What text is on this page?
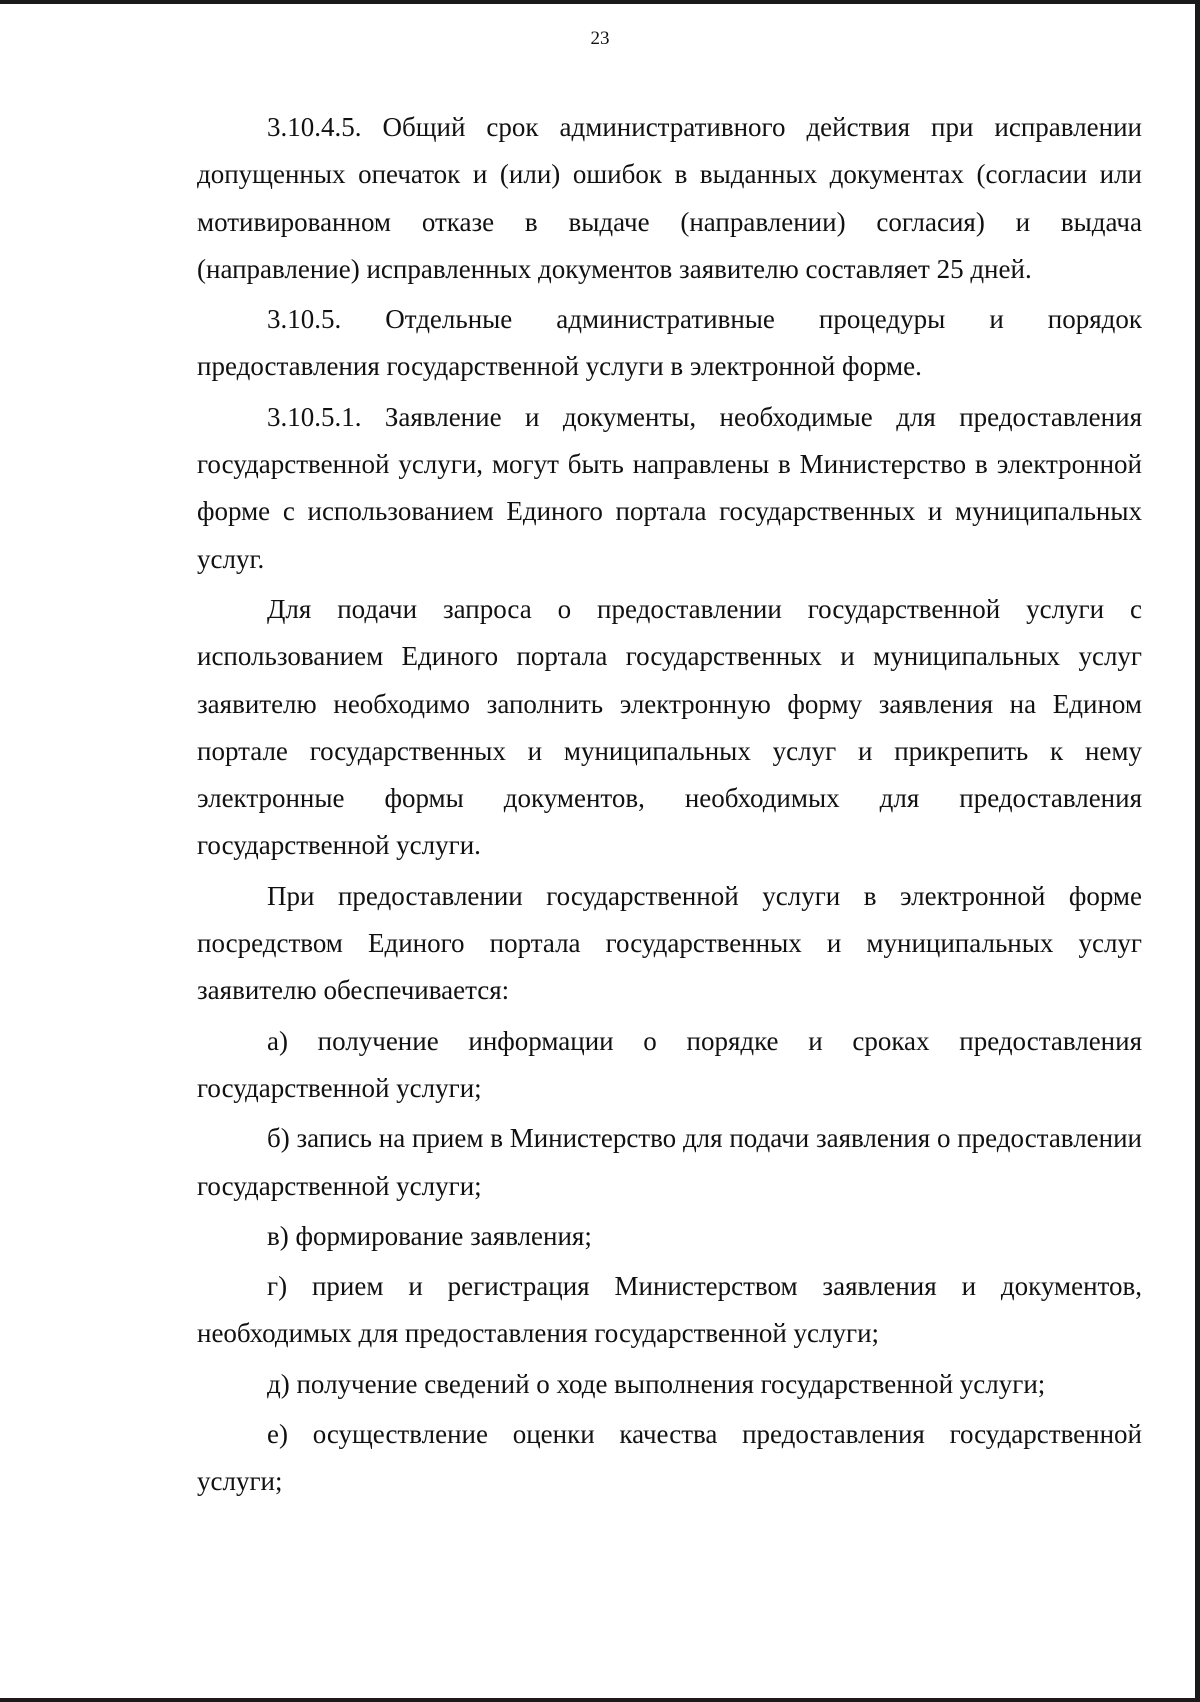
23

3.10.4.5. Общий срок административного действия при исправлении допущенных опечаток и (или) ошибок в выданных документах (согласии или мотивированном отказе в выдаче (направлении) согласия) и выдача (направление) исправленных документов заявителю составляет 25 дней.

3.10.5. Отдельные административные процедуры и порядок предоставления государственной услуги в электронной форме.

3.10.5.1. Заявление и документы, необходимые для предоставления государственной услуги, могут быть направлены в Министерство в электронной форме с использованием Единого портала государственных и муниципальных услуг.

Для подачи запроса о предоставлении государственной услуги с использованием Единого портала государственных и муниципальных услуг заявителю необходимо заполнить электронную форму заявления на Едином портале государственных и муниципальных услуг и прикрепить к нему электронные формы документов, необходимых для предоставления государственной услуги.

При предоставлении государственной услуги в электронной форме посредством Единого портала государственных и муниципальных услуг заявителю обеспечивается:

а) получение информации о порядке и сроках предоставления государственной услуги;

б) запись на прием в Министерство для подачи заявления о предоставлении государственной услуги;

в) формирование заявления;

г) прием и регистрация Министерством заявления и документов, необходимых для предоставления государственной услуги;

д) получение сведений о ходе выполнения государственной услуги;

е) осуществление оценки качества предоставления государственной услуги;
